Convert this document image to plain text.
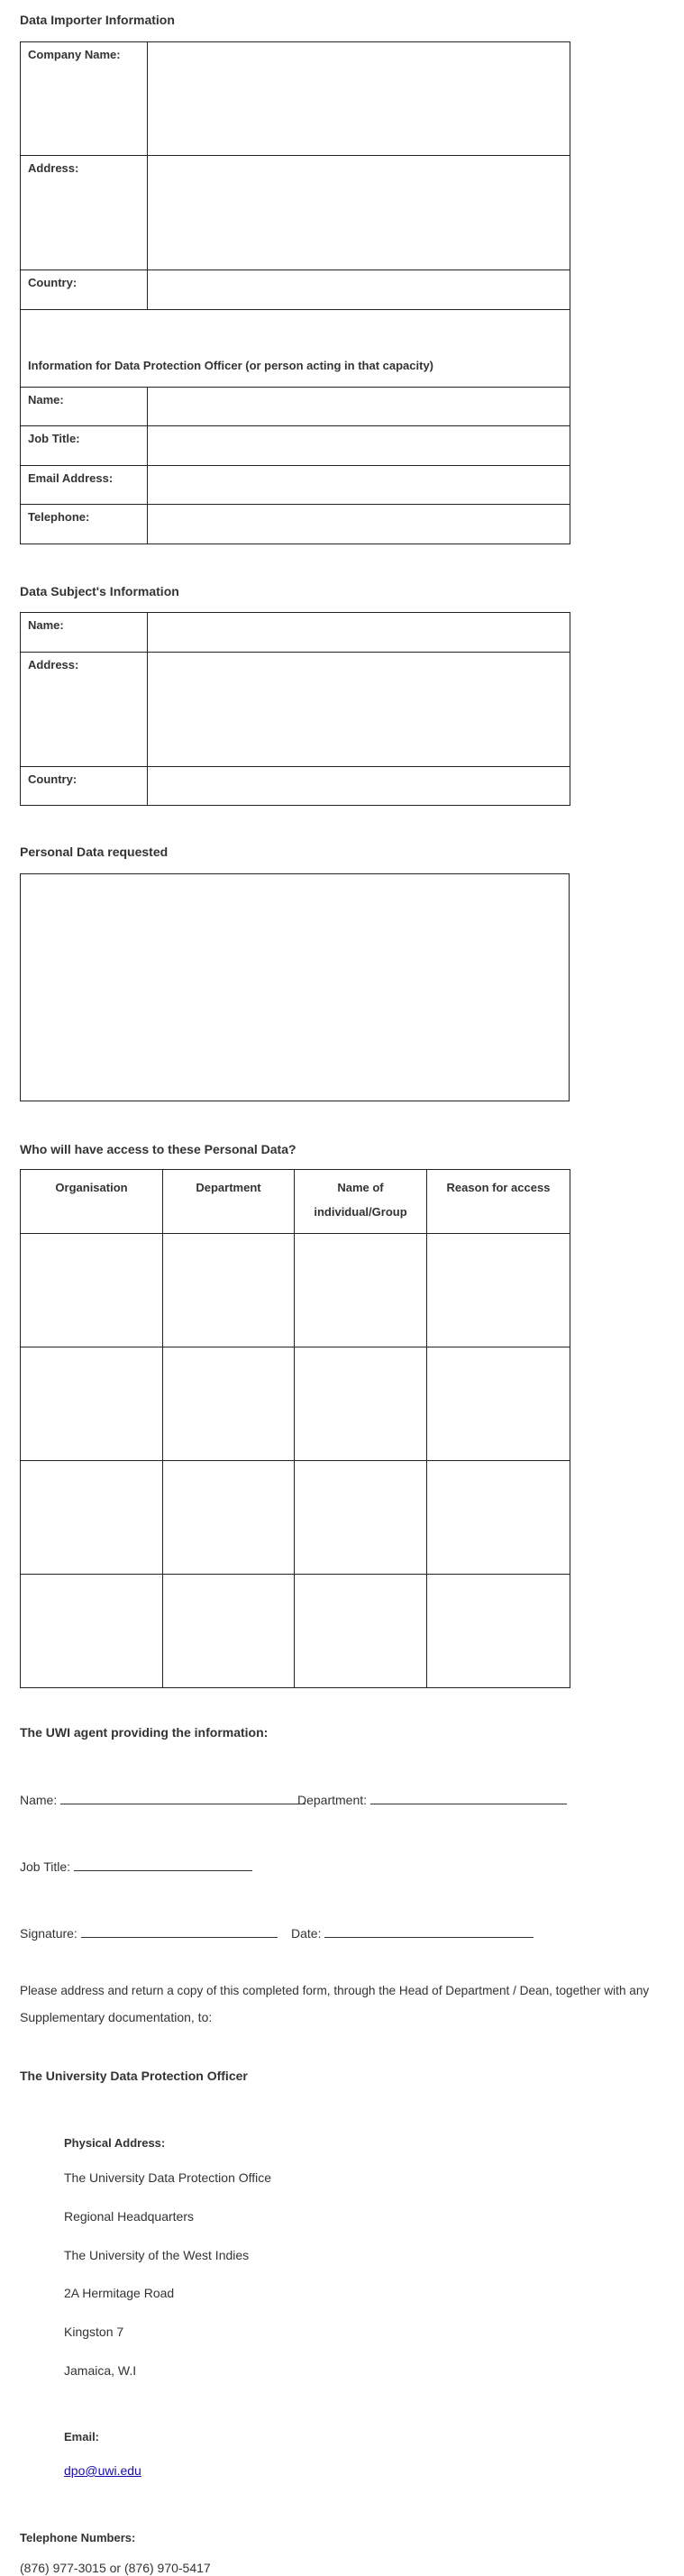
Data Importer Information
Company Name:	
Address:	
Country:	
Information for Data Protection Officer (or person acting in that capacity)	
Name:	
Job Title:	
Email Address:	
Telephone:	
Data Subject's Information
Name:	
Address:	
Country:	
Personal Data requested
Who will have access to these Personal Data?
Organisation	Department	Name of individual/Group	Reason for access

The UWI agent providing the information:
Name:	Department:
Job Title:
Signature:	Date:
Please address and return a copy of this completed form, through the Head of Department / Dean, together with any
Supplementary documentation, to:
The University Data Protection Officer
Physical Address:
The University Data Protection Office
Regional Headquarters
The University of the West Indies
2A Hermitage Road
Kingston 7
Jamaica, W.I
Email:
dpo@uwi.edu
Telephone Numbers:
(876) 977-3015 or (876) 970-5417
